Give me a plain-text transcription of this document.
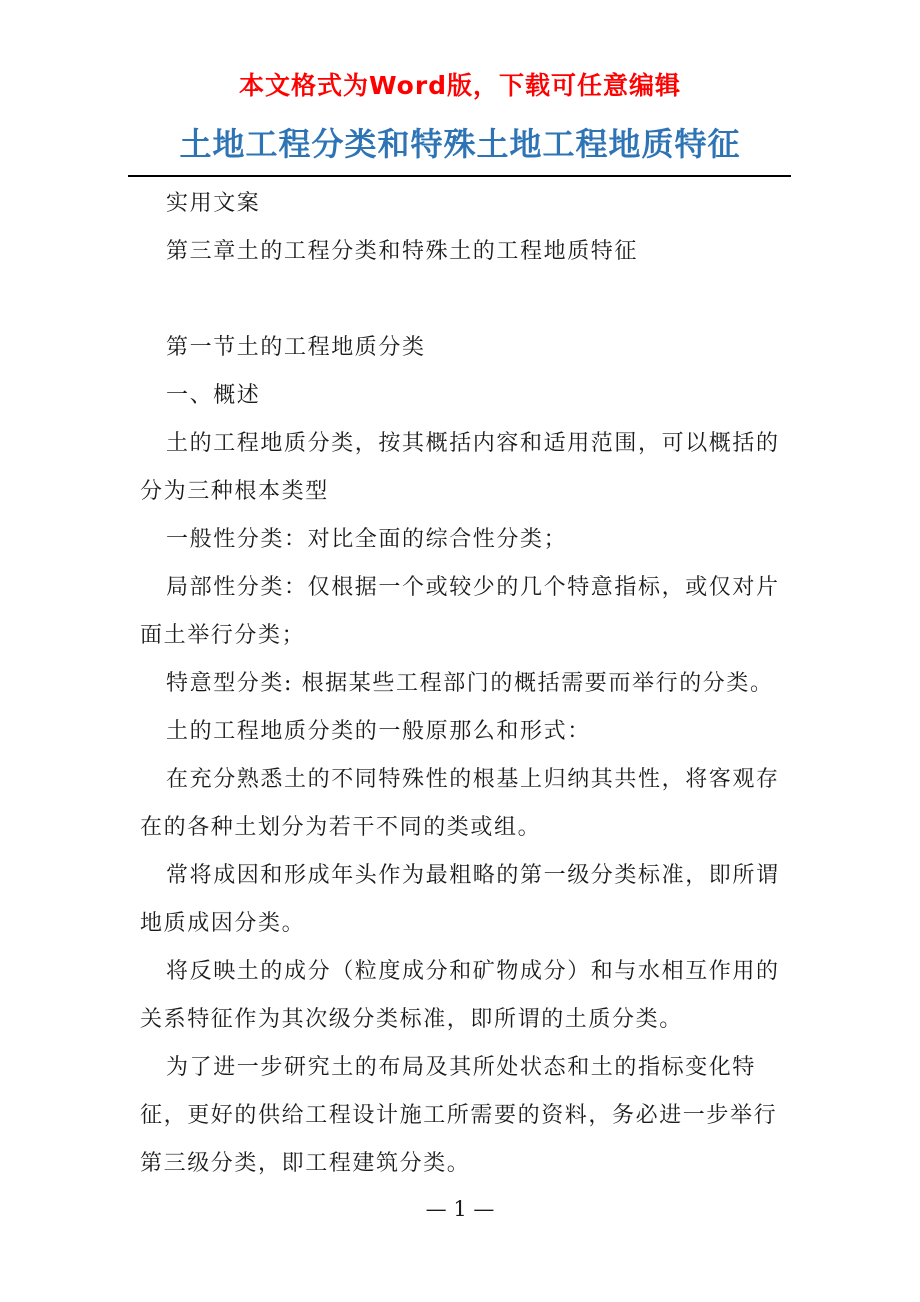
本文格式为Word版，下载可任意编辑
土地工程分类和特殊土地工程地质特征

实用文案

第三章土的工程分类和特殊土的工程地质特征

第一节土的工程地质分类

一、概述

土的工程地质分类，按其概括内容和适用范围，可以概括的分为三种根本类型

一般性分类：对比全面的综合性分类；

局部性分类：仅根据一个或较少的几个特意指标，或仅对片面土举行分类；

特意型分类: 根据某些工程部门的概括需要而举行的分类。

土的工程地质分类的一般原那么和形式：

在充分熟悉土的不同特殊性的根基上归纳其共性，将客观存在的各种土划分为若干不同的类或组。

常将成因和形成年头作为最粗略的第一级分类标准，即所谓地质成因分类。

将反映土的成分（粒度成分和矿物成分）和与水相互作用的关系特征作为其次级分类标准，即所谓的土质分类。

为了进一步研究土的布局及其所处状态和土的指标变化特征，更好的供给工程设计施工所需要的资料，务必进一步举行第三级分类，即工程建筑分类。

— 1 —
